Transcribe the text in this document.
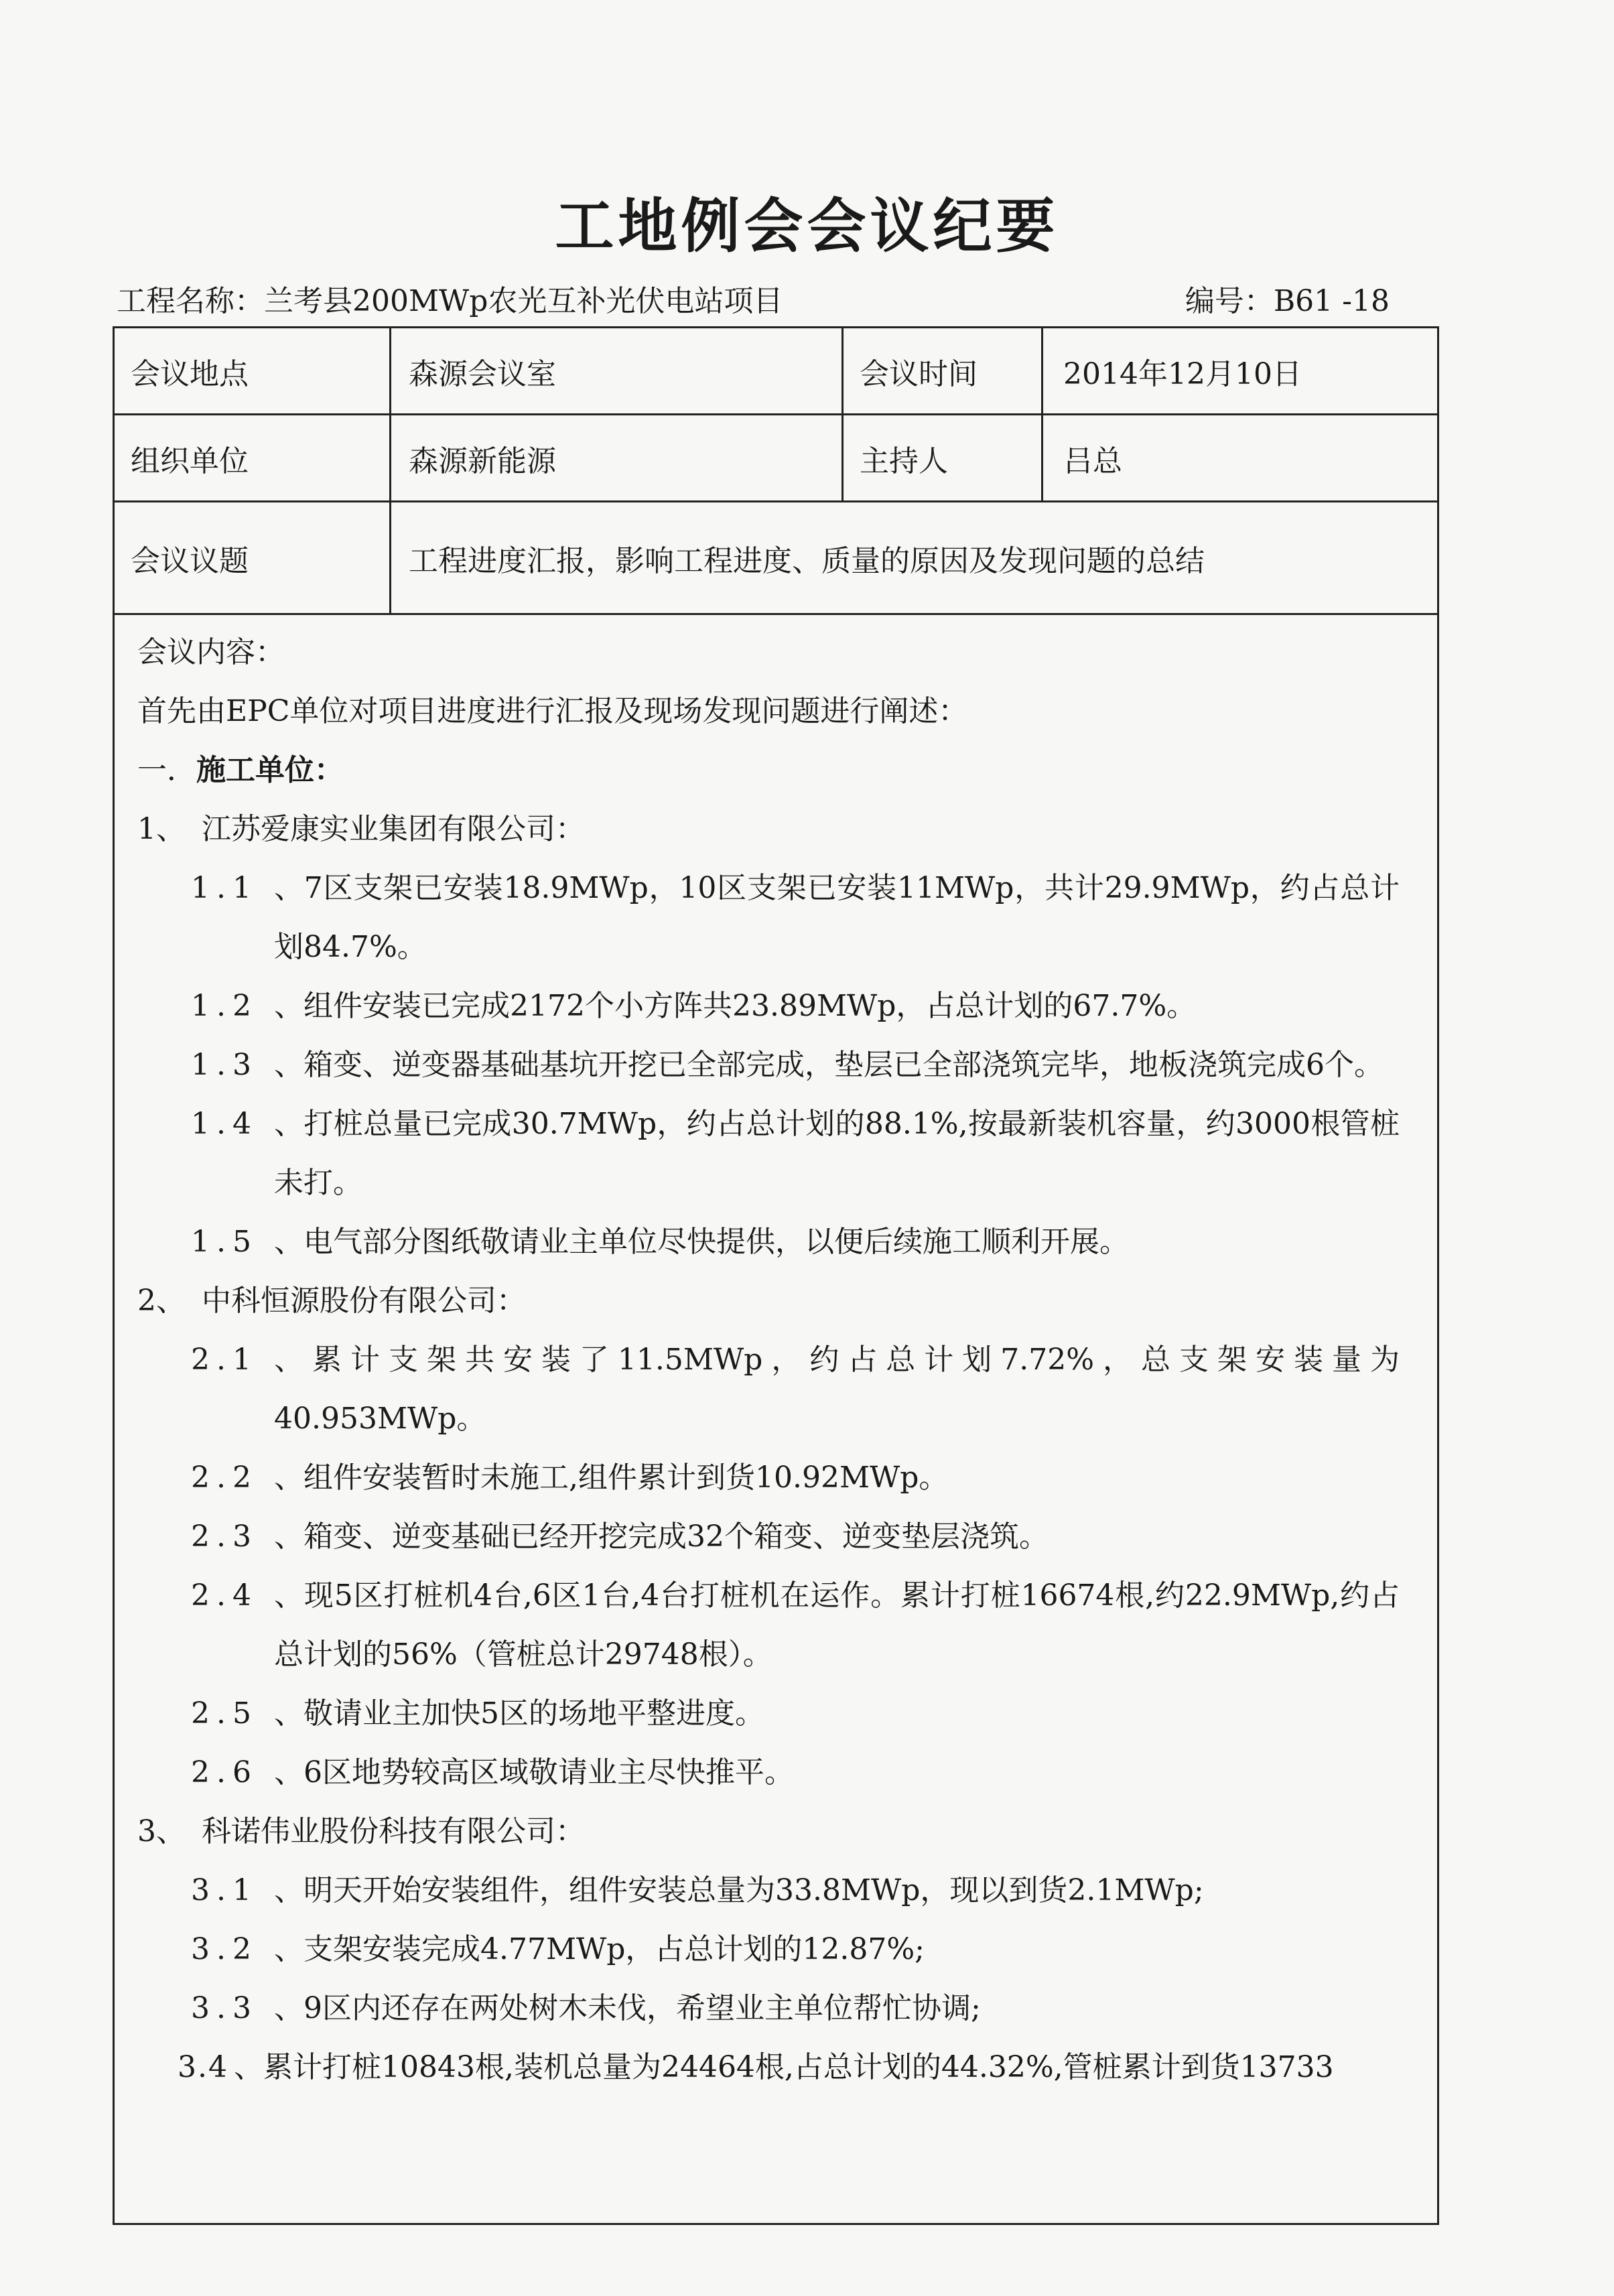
工地例会会议纪要
工程名称：兰考县200MWp农光互补光伏电站项目	编号：B61 -18
会议地点	森源会议室	会议时间	2014年12月10日
组织单位	森源新能源	主持人	吕总
会议议题	工程进度汇报，影响工程进度、质量的原因及发现问题的总结

会议内容：

首先由EPC单位对项目进度进行汇报及现场发现问题进行阐述：

一．施工单位：

1、 江苏爱康实业集团有限公司：

1.1 、7区支架已安装18.9MWp，10区支架已安装11MWp，共计29.9MWp，约占总计划84.7%。
1.2 、组件安装已完成2172个小方阵共23.89MWp，占总计划的67.7%。
1.3 、箱变、逆变器基础基坑开挖已全部完成，垫层已全部浇筑完毕，地板浇筑完成6个。
1.4 、打桩总量已完成30.7MWp，约占总计划的88.1%,按最新装机容量，约3000根管桩未打。
1.5 、电气部分图纸敬请业主单位尽快提供，以便后续施工顺利开展。

2、 中科恒源股份有限公司：

2.1 、累计支架共安装了11.5MWp，约占总计划7.72%，总支架安装量为40.953MWp。
2.2 、组件安装暂时未施工,组件累计到货10.92MWp。
2.3 、箱变、逆变基础已经开挖完成32个箱变、逆变垫层浇筑。
2.4 、现5区打桩机4台,6区1台,4台打桩机在运作。累计打桩16674根,约22.9MWp,约占总计划的56%（管桩总计29748根）。
2.5 、敬请业主加快5区的场地平整进度。
2.6 、6区地势较高区域敬请业主尽快推平。

3、 科诺伟业股份科技有限公司：

3.1 、明天开始安装组件，组件安装总量为33.8MWp，现以到货2.1MWp;
3.2 、支架安装完成4.77MWp，占总计划的12.87%;
3.3 、9区内还存在两处树木未伐，希望业主单位帮忙协调;
3.4 、累计打桩10843根,装机总量为24464根,占总计划的44.32%,管桩累计到货13733
